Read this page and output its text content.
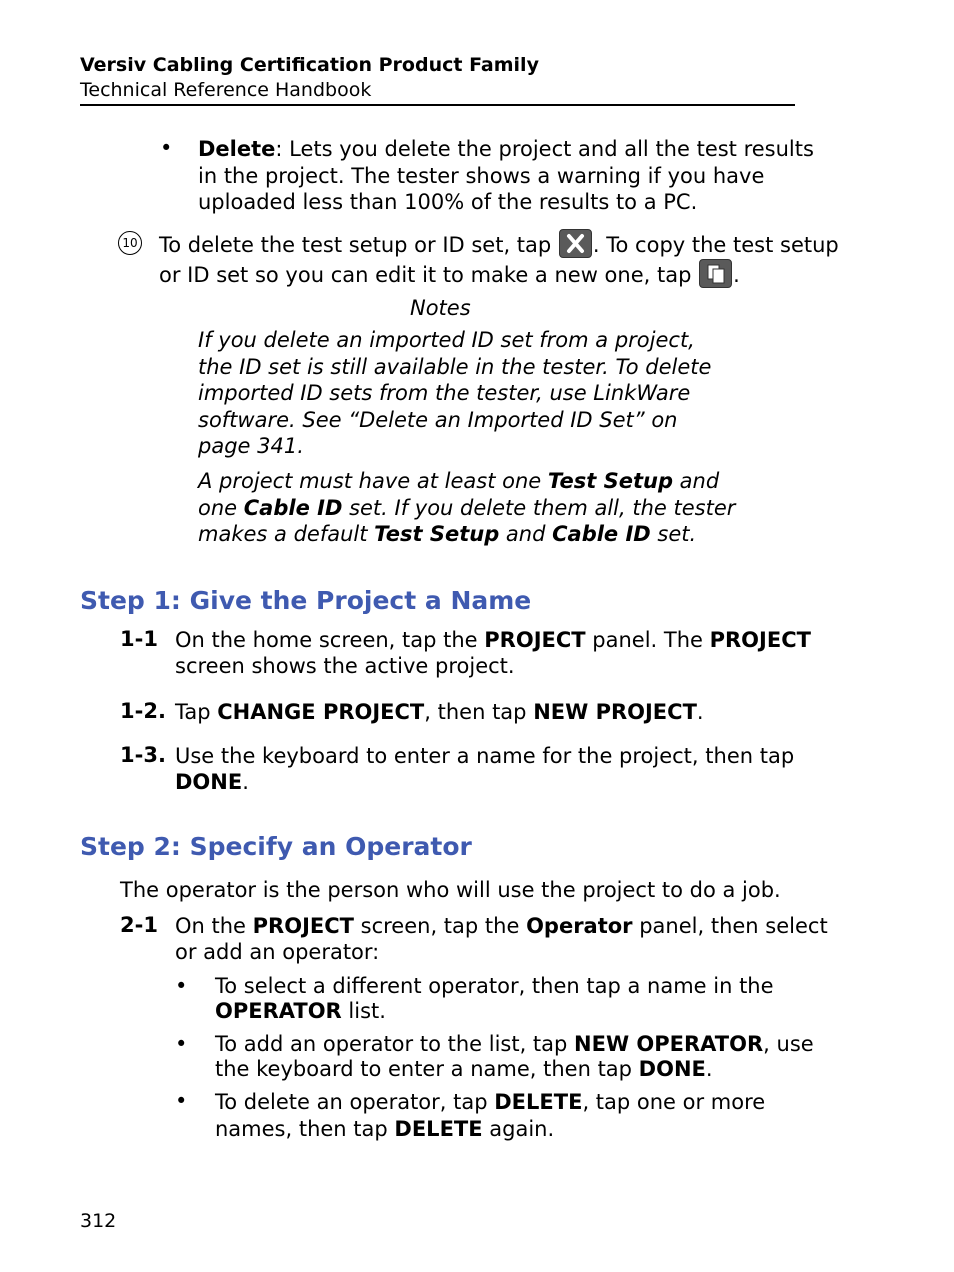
Versiv Cabling Certification Product Family
Technical Reference Handbook
• Delete: Lets you delete the project and all the test results
in the project. The tester shows a warning if you have
uploaded less than 100% of the results to a PC.
10 To delete the test setup or ID set, tap
. To copy the test setup
or ID set so you can edit it to make a new one, tap
.
Notes
If you delete an imported ID set from a project,
the ID set is still available in the tester. To delete
imported ID sets from the tester, use LinkWare
software. See “Delete an Imported ID Set” on
page 341.
A project must have at least one Test Setup and
one Cable ID set. If you delete them all, the tester
makes a default Test Setup and Cable ID set.
Step 1: Give the Project a Name
1-1 On the home screen, tap the PROJECT panel. The PROJECT
screen shows the active project.
1-2. Tap CHANGE PROJECT, then tap NEW PROJECT.
1-3. Use the keyboard to enter a name for the project, then tap
DONE.
Step 2: Specify an Operator
The operator is the person who will use the project to do a job.
2-1 On the PROJECT screen, tap the Operator panel, then select
or add an operator:
• To select a different operator, then tap a name in the
OPERATOR list.
• To add an operator to the list, tap NEW OPERATOR, use
the keyboard to enter a name, then tap DONE.
• To delete an operator, tap DELETE, tap one or more
names, then tap DELETE again.
312
